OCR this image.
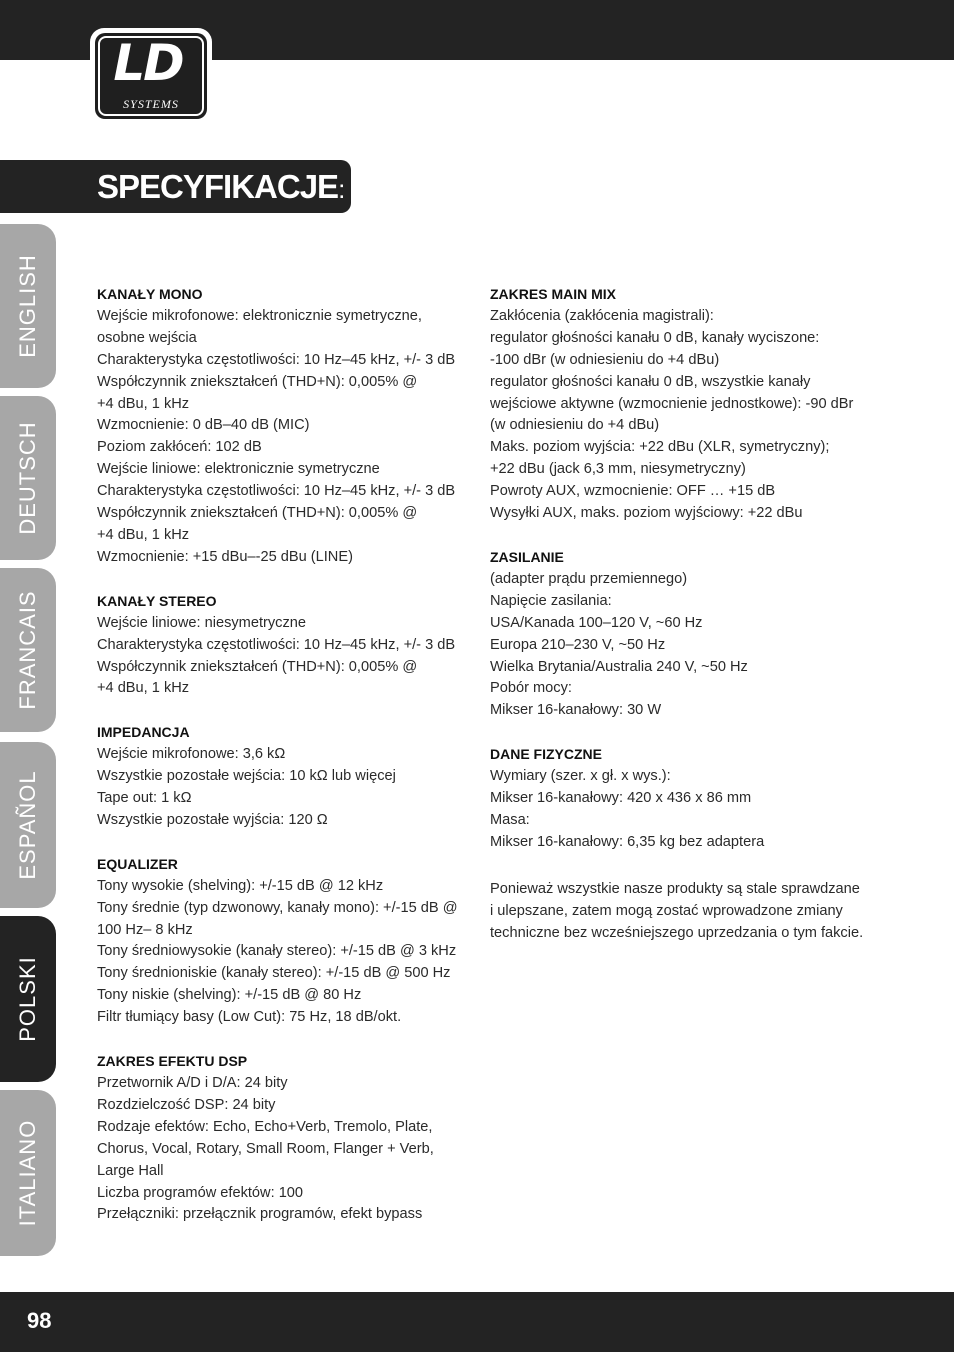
LD
SYSTEMS
SPECYFIKACJE:
ENGLISH
DEUTSCH
FRANCAIS
ESPAÑOL
POLSKI
ITALIANO

KANAŁY MONO

Wejście mikrofonowe: elektronicznie symetryczne,

osobne wejścia

Charakterystyka częstotliwości: 10 Hz–45 kHz, +/- 3 dB

Współczynnik zniekształceń (THD+N): 0,005% @

+4 dBu, 1 kHz

Wzmocnienie: 0 dB–40 dB (MIC)

Poziom zakłóceń: 102 dB

Wejście liniowe: elektronicznie symetryczne

Charakterystyka częstotliwości: 10 Hz–45 kHz, +/- 3 dB

Współczynnik zniekształceń (THD+N): 0,005% @

+4 dBu, 1 kHz

Wzmocnienie: +15 dBu–-25 dBu (LINE)

KANAŁY STEREO

Wejście liniowe: niesymetryczne

Charakterystyka częstotliwości: 10 Hz–45 kHz, +/- 3 dB

Współczynnik zniekształceń (THD+N): 0,005% @

+4 dBu, 1 kHz

IMPEDANCJA

Wejście mikrofonowe: 3,6 kΩ

Wszystkie pozostałe wejścia: 10 kΩ lub więcej

Tape out: 1 kΩ

Wszystkie pozostałe wyjścia: 120 Ω

EQUALIZER

Tony wysokie (shelving): +/-15 dB @ 12 kHz

Tony średnie (typ dzwonowy, kanały mono): +/-15 dB @

100 Hz– 8 kHz

Tony średniowysokie (kanały stereo): +/-15 dB @ 3 kHz

Tony średnioniskie (kanały stereo): +/-15 dB @ 500 Hz

Tony niskie (shelving): +/-15 dB @ 80 Hz

Filtr tłumiący basy (Low Cut): 75 Hz, 18 dB/okt.

ZAKRES EFEKTU DSP

Przetwornik A/D i D/A: 24 bity

Rozdzielczość DSP: 24 bity

Rodzaje efektów: Echo, Echo+Verb, Tremolo, Plate,

Chorus, Vocal, Rotary, Small Room, Flanger + Verb,

Large Hall

Liczba programów efektów: 100

Przełączniki: przełącznik programów, efekt bypass

ZAKRES MAIN MIX

Zakłócenia (zakłócenia magistrali):

regulator głośności kanału 0 dB, kanały wyciszone:

-100 dBr (w odniesieniu do +4 dBu)

regulator głośności kanału 0 dB, wszystkie kanały

wejściowe aktywne (wzmocnienie jednostkowe): -90 dBr

(w odniesieniu do +4 dBu)

Maks. poziom wyjścia: +22 dBu (XLR, symetryczny);

+22 dBu (jack 6,3 mm, niesymetryczny)

Powroty AUX, wzmocnienie: OFF … +15 dB

Wysyłki AUX, maks. poziom wyjściowy: +22 dBu

ZASILANIE

(adapter prądu przemiennego)

Napięcie zasilania:

USA/Kanada 100–120 V, ~60 Hz

Europa 210–230 V, ~50 Hz

Wielka Brytania/Australia 240 V, ~50 Hz

Pobór mocy:

Mikser 16-kanałowy: 30 W

DANE FIZYCZNE

Wymiary (szer. x gł. x wys.):

Mikser 16-kanałowy: 420 x 436 x 86 mm

Masa:

Mikser 16-kanałowy: 6,35 kg bez adaptera

Ponieważ wszystkie nasze produkty są stale sprawdzane

i ulepszane, zatem mogą zostać wprowadzone zmiany

techniczne bez wcześniejszego uprzedzania o tym fakcie.

98
